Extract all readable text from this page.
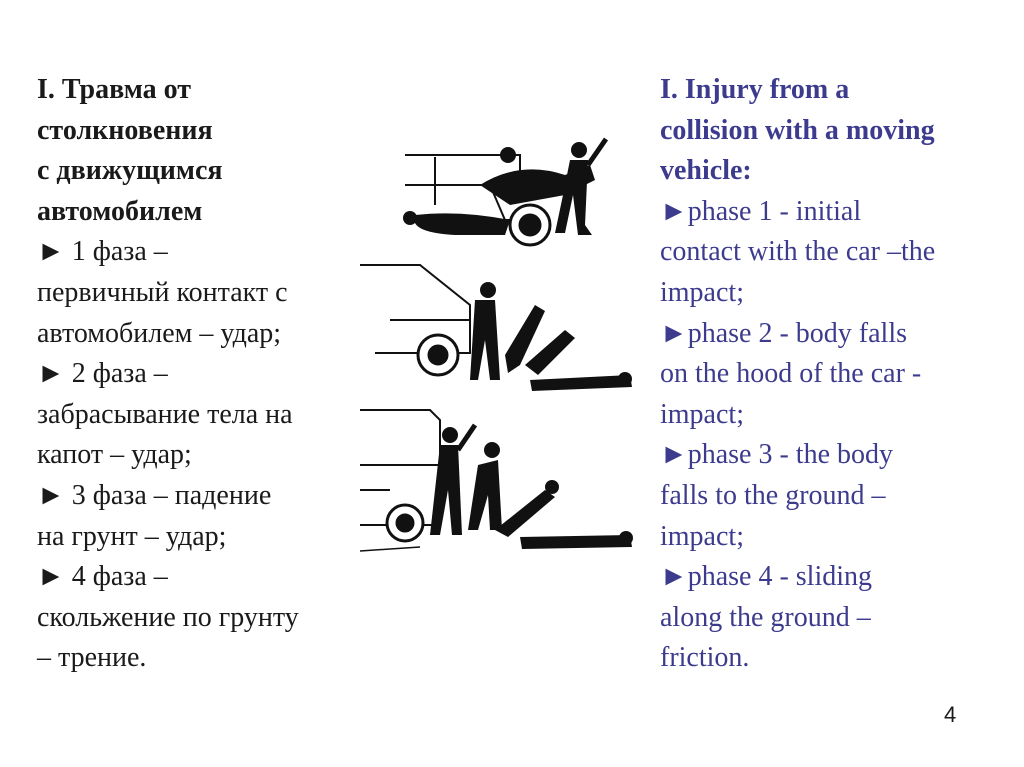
I. Травма от
столкновения
с движущимся
автомобилем
► 1 фаза –
первичный контакт с
автомобилем – удар;
► 2 фаза –
забрасывание тела на
капот – удар;
► 3 фаза – падение
на грунт – удар;
► 4 фаза –
скольжение по грунту
– трение.
I. Injury from a
collision with a moving
vehicle:
►phase 1 - initial
contact with the car –the
impact;
►phase 2 - body falls
on the hood of the car -
impact;
►phase 3 - the body
falls to the ground –
impact;
►phase 4 - sliding
along the ground –
friction.
4
